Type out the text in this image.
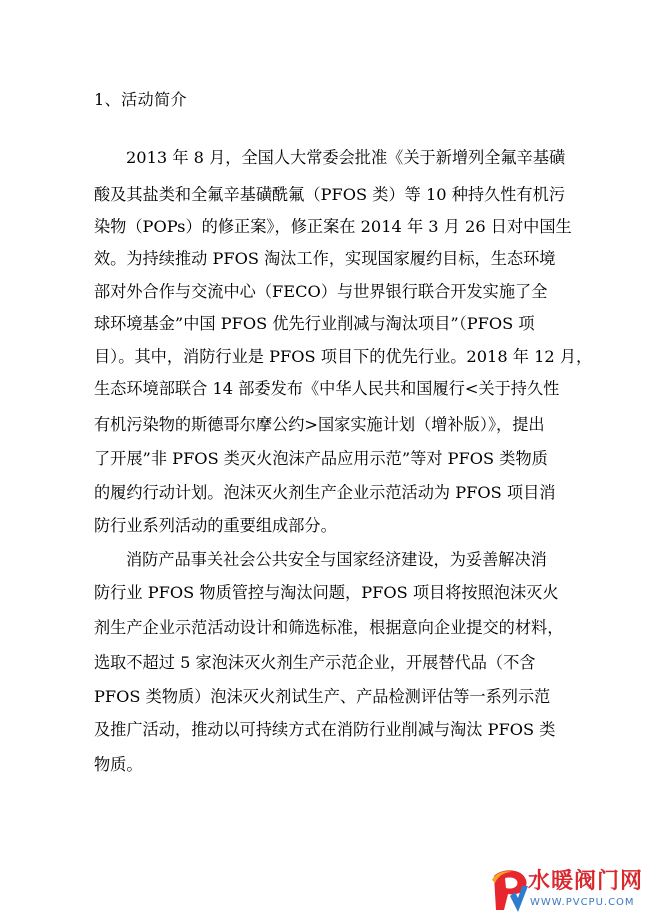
1、活动简介

2013 年 8 月，全国人大常委会批准《关于新增列全氟辛基磺

酸及其盐类和全氟辛基磺酰氟（PFOS 类）等 10 种持久性有机污

染物（POPs）的修正案》，修正案在 2014 年 3 月 26 日对中国生

效。为持续推动 PFOS 淘汰工作，实现国家履约目标，生态环境

部对外合作与交流中心（FECO）与世界银行联合开发实施了全

球环境基金”中国 PFOS 优先行业削减与淘汰项目”（PFOS 项

目）。其中，消防行业是 PFOS 项目下的优先行业。2018 年 12 月，

生态环境部联合 14 部委发布《中华人民共和国履行<关于持久性

有机污染物的斯德哥尔摩公约>国家实施计划（增补版）》，提出

了开展”非 PFOS 类灭火泡沫产品应用示范”等对 PFOS 类物质

的履约行动计划。泡沫灭火剂生产企业示范活动为 PFOS 项目消

防行业系列活动的重要组成部分。

消防产品事关社会公共安全与国家经济建设，为妥善解决消

防行业 PFOS 物质管控与淘汰问题，PFOS 项目将按照泡沫灭火

剂生产企业示范活动设计和筛选标准，根据意向企业提交的材料，

选取不超过 5 家泡沫灭火剂生产示范企业，开展替代品（不含

PFOS 类物质）泡沫灭火剂试生产、产品检测评估等一系列示范

及推广活动，推动以可持续方式在消防行业削减与淘汰 PFOS 类

物质。

水暖阀门网
WWW.PVCPU.COM
